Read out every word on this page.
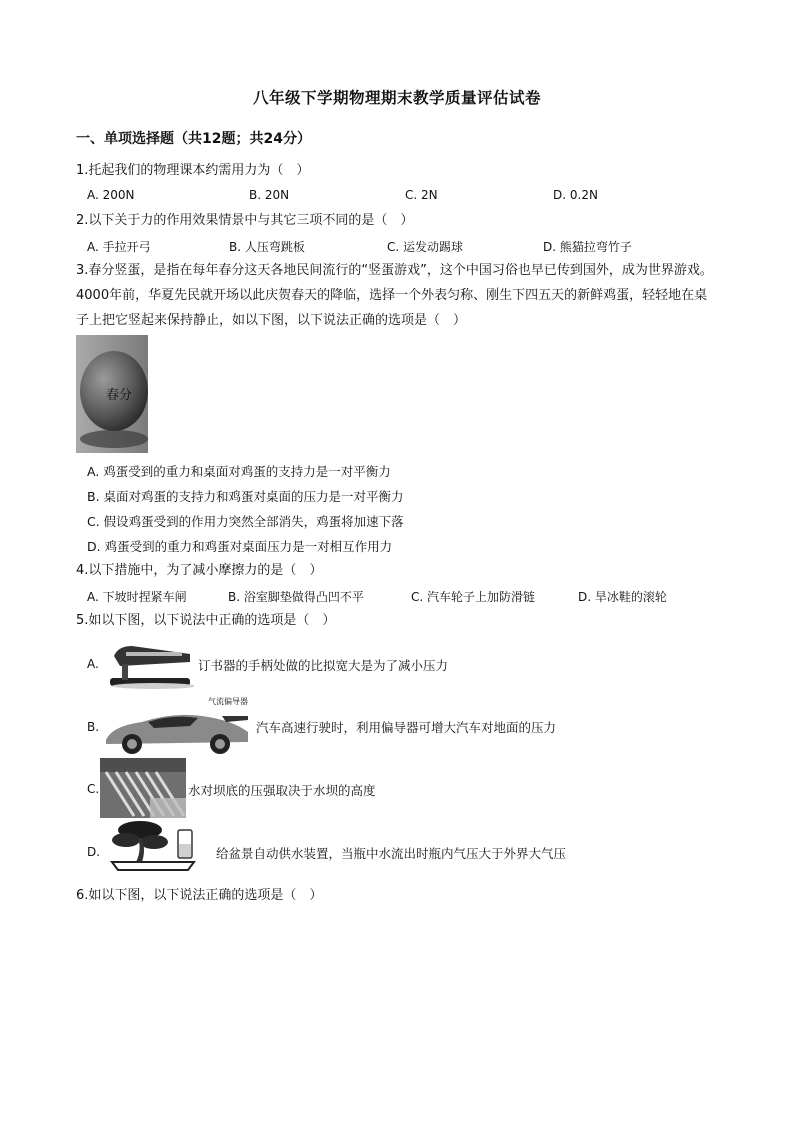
八年级下学期物理期末教学质量评估试卷
一、单项选择题（共12题；共24分）
1.托起我们的物理课本约需用力为（　）
A. 200N	B. 20N	C. 2N	D. 0.2N
2.以下关于力的作用效果情景中与其它三项不同的是（　）
A. 手拉开弓	B. 人压弯跳板	C. 运发动踢球	D. 熊猫拉弯竹子
3.春分竖蛋，是指在每年春分这天各地民间流行的“竖蛋游戏”，这个中国习俗也早已传到国外，成为世界游戏。4000年前，华夏先民就开场以此庆贺春天的降临，选择一个外表匀称、刚生下四五天的新鲜鸡蛋，轻轻地在桌子上把它竖起来保持静止，如以下图，以下说法正确的选项是（　）
春分
A. 鸡蛋受到的重力和桌面对鸡蛋的支持力是一对平衡力
B. 桌面对鸡蛋的支持力和鸡蛋对桌面的压力是一对平衡力
C. 假设鸡蛋受到的作用力突然全部消失，鸡蛋将加速下落
D. 鸡蛋受到的重力和鸡蛋对桌面压力是一对相互作用力
4.以下措施中，为了减小摩擦力的是（　）
A. 下坡时捏紧车闸	B. 浴室脚垫做得凸凹不平	C. 汽车轮子上加防滑链	D. 旱冰鞋的滚轮
5.如以下图，以下说法中正确的选项是（　）
A.	订书器的手柄处做的比拟宽大是为了减小压力
B.
气流偏导器
汽车高速行驶时，利用偏导器可增大汽车对地面的压力
C.	水对坝底的压强取决于水坝的高度
D.	给盆景自动供水装置，当瓶中水流出时瓶内气压大于外界大气压
6.如以下图，以下说法正确的选项是（　）
